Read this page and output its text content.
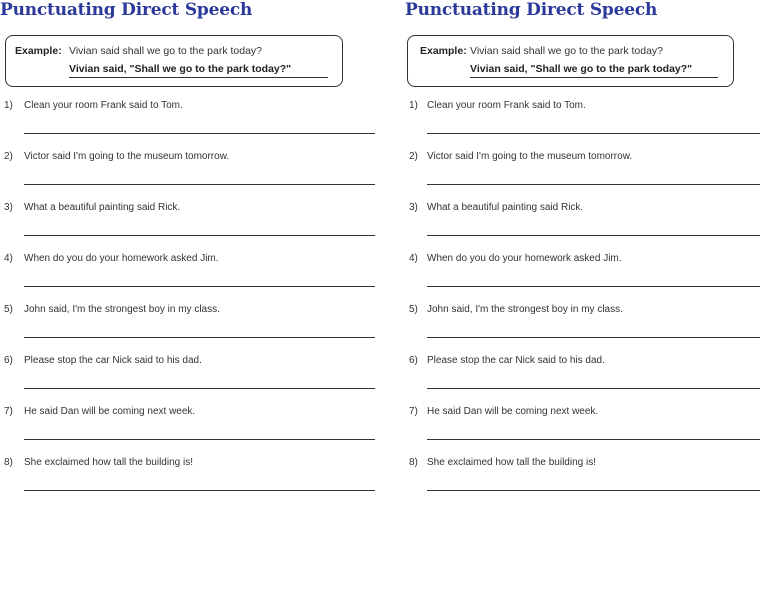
Punctuating Direct Speech
Example: Vivian said shall we go to the park today?
Vivian said, "Shall we go to the park today?"
1) Clean your room Frank said to Tom.
2) Victor said I'm going to the museum tomorrow.
3) What a beautiful painting said Rick.
4) When do you do your homework asked Jim.
5) John said, I'm the strongest boy in my class.
6) Please stop the car Nick said to his dad.
7) He said Dan will be coming next week.
8) She exclaimed how tall the building is!
Punctuating Direct Speech
Example: Vivian said shall we go to the park today?
Vivian said, "Shall we go to the park today?"
1) Clean your room Frank said to Tom.
2) Victor said I'm going to the museum tomorrow.
3) What a beautiful painting said Rick.
4) When do you do your homework asked Jim.
5) John said, I'm the strongest boy in my class.
6) Please stop the car Nick said to his dad.
7) He said Dan will be coming next week.
8) She exclaimed how tall the building is!
